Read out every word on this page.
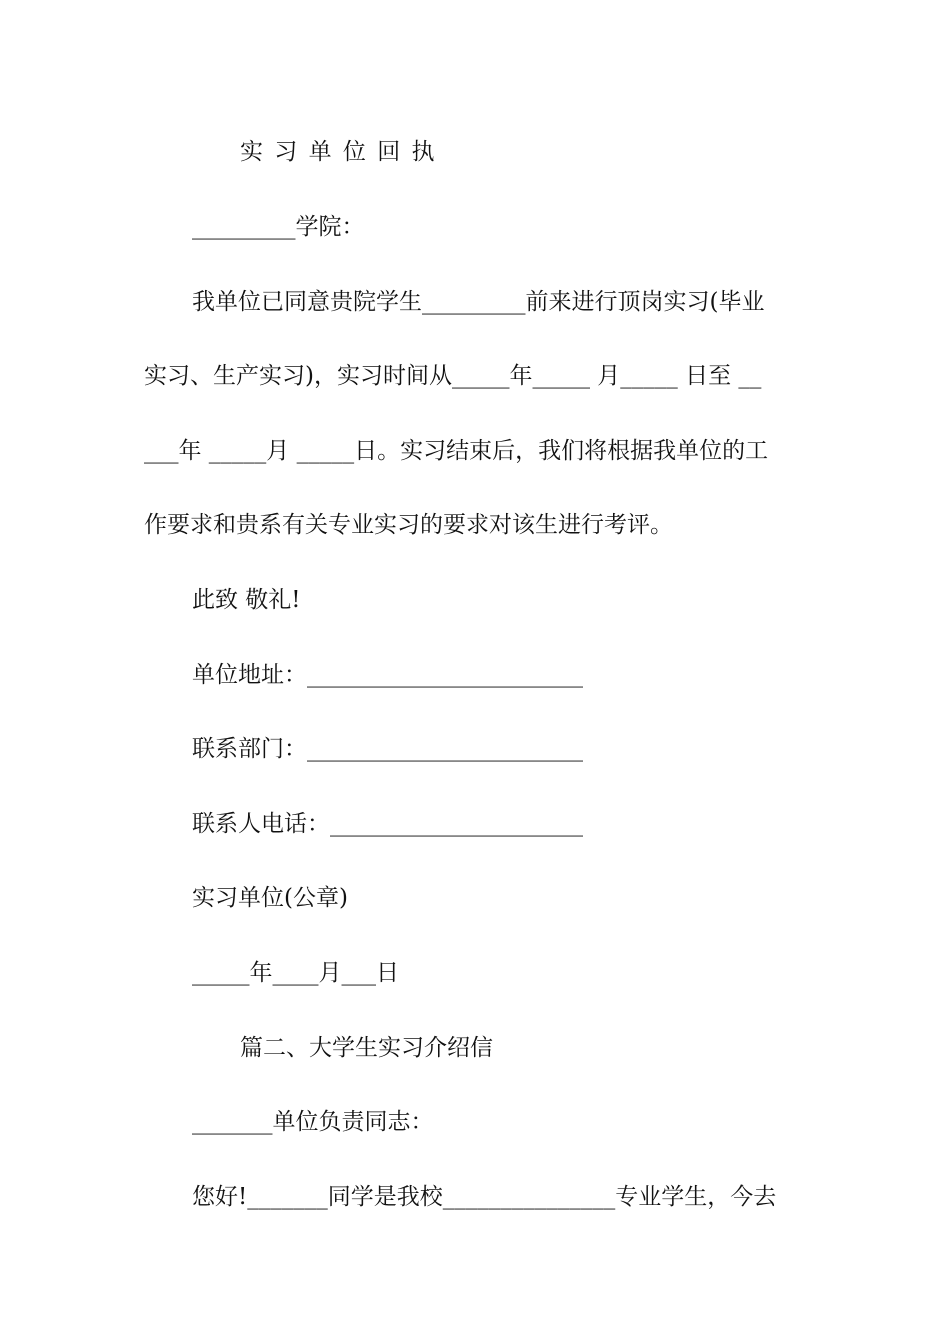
实 习 单 位 回 执
_________学院：
我单位已同意贵院学生_________前来进行顶岗实习(毕业
实习、生产实习)，实习时间从_____年_____ 月_____ 日至 __
___年 _____月 _____日。实习结束后，我们将根据我单位的工
作要求和贵系有关专业实习的要求对该生进行考评。
此致 敬礼!
单位地址：________________________
联系部门：________________________
联系人电话：______________________
实习单位(公章)
_____年____月___日
篇二、大学生实习介绍信
_______单位负责同志：
您好!_______同学是我校_______________专业学生，今去
